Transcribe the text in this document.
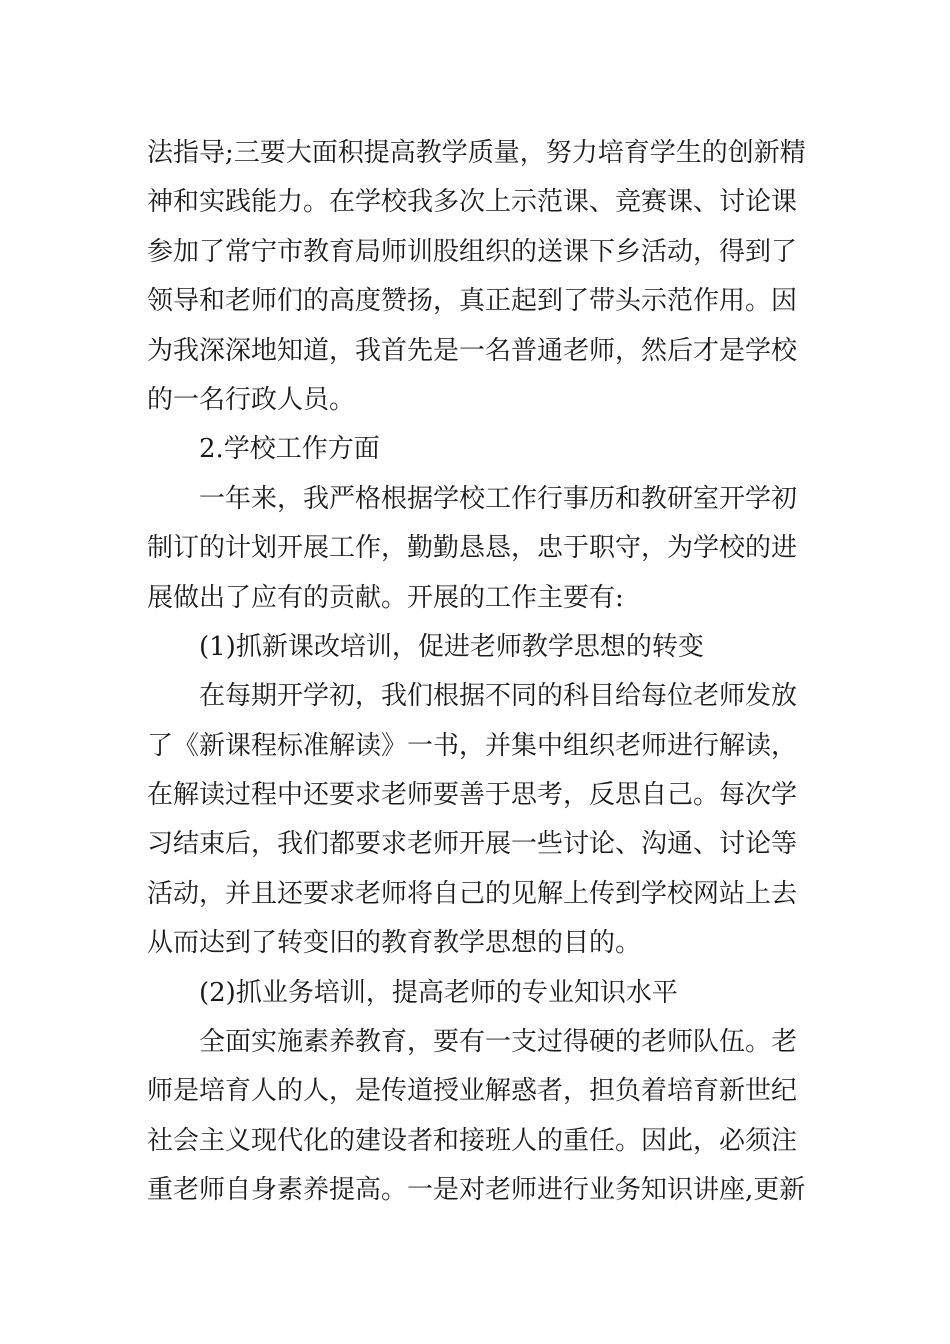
法指导;三要大面积提高教学质量，努力培育学生的创新精
神和实践能力。在学校我多次上示范课、竞赛课、讨论课
参加了常宁市教育局师训股组织的送课下乡活动，得到了
领导和老师们的高度赞扬，真正起到了带头示范作用。因
为我深深地知道，我首先是一名普通老师，然后才是学校
的一名行政人员。
2.学校工作方面
一年来，我严格根据学校工作行事历和教研室开学初
制订的计划开展工作，勤勤恳恳，忠于职守，为学校的进
展做出了应有的贡献。开展的工作主要有:
(1)抓新课改培训，促进老师教学思想的转变
在每期开学初，我们根据不同的科目给每位老师发放
了《新课程标准解读》一书，并集中组织老师进行解读，
在解读过程中还要求老师要善于思考，反思自己。每次学
习结束后，我们都要求老师开展一些讨论、沟通、讨论等
活动，并且还要求老师将自己的见解上传到学校网站上去
从而达到了转变旧的教育教学思想的目的。
(2)抓业务培训，提高老师的专业知识水平
全面实施素养教育，要有一支过得硬的老师队伍。老
师是培育人的人，是传道授业解惑者，担负着培育新世纪
社会主义现代化的建设者和接班人的重任。因此，必须注
重老师自身素养提高。一是对老师进行业务知识讲座,更新
